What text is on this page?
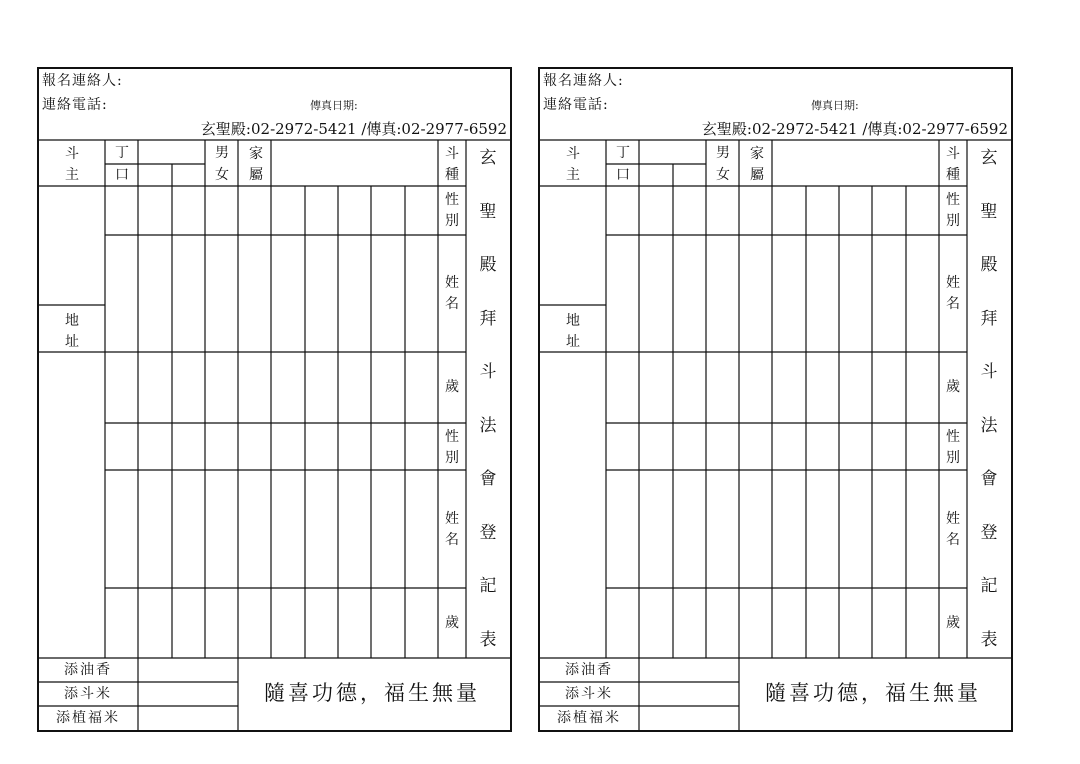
報名連絡人:
連絡電話:	傳真日期:
玄聖殿:02-2972-5421 /傳真:02-2977-6592
斗
主
丁
口
男
女
家
屬
斗
種
性
別
姓
名
歲
性
別
姓
名
歲
地
址
玄
聖
殿
拜
斗
法
會
登
記
表
添油香
添斗米
添植福米
隨喜功德，福生無量
報名連絡人:
連絡電話:	傳真日期:
玄聖殿:02-2972-5421 /傳真:02-2977-6592
斗
主
丁
口
男
女
家
屬
斗
種
性
別
姓
名
歲
性
別
姓
名
歲
地
址
玄
聖
殿
拜
斗
法
會
登
記
表
添油香
添斗米
添植福米
隨喜功德，福生無量
